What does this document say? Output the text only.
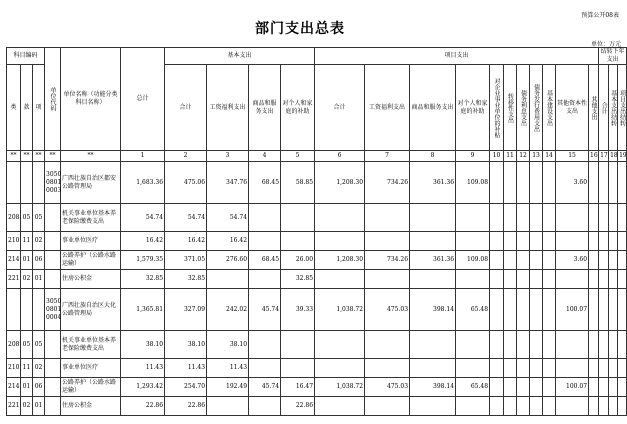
预算公开08表
部门支出总表
单位：万元
科目编码			单位代码	单位名称（功能分类科目名称）	总计	基本支出				项目支出											结转下年支出		
类	款	项				合计	工资福利支出	商品和服务支出	对个人和家庭的补助	合计	工资福利支出	商品和服务支出	对个人和家庭的补助	对企业事业单位的补贴	转移性支出	债务利息支出	债务发行费用支出	基本建设支出	其他资本性支出	其他支出	合计	基本支出结转	项目支出结转

**	**	**	**	**	1	2	3	4	5	6	7	8	9	10	11	12	13	14	15	16	17	18	19
			3050
0801
0003	广西壮族自治区都安公路管理局	1,683.36	475.06	347.76	68.45	58.85	1,208.30	734.26	361.36	109.08						3.60				
208	05	05		机关事业单位基本养老保险缴费支出	54.74	54.74	54.74																
210	11	02		事业单位医疗	16.42	16.42	16.42																
214	01	06		公路养护（公路水路运输）	1,579.35	371.05	276.60	68.45	26.00	1,208.30	734.26	361.36	109.08						3.60				
221	02	01		住房公积金	32.85	32.85			32.85														
			3050
0801
0004	广西壮族自治区大化公路管理局	1,365.81	327.09	242.02	45.74	39.33	1,038.72	475.03	398.14	65.48						100.07				
208	05	05		机关事业单位基本养老保险缴费支出	38.10	38.10	38.10																
210	11	02		事业单位医疗	11.43	11.43	11.43																
214	01	06		公路养护（公路水路运输）	1,293.42	254.70	192.49	45.74	16.47	1,038.72	475.03	398.14	65.48						100.07				
221	02	01		住房公积金	22.86	22.86			22.86														
